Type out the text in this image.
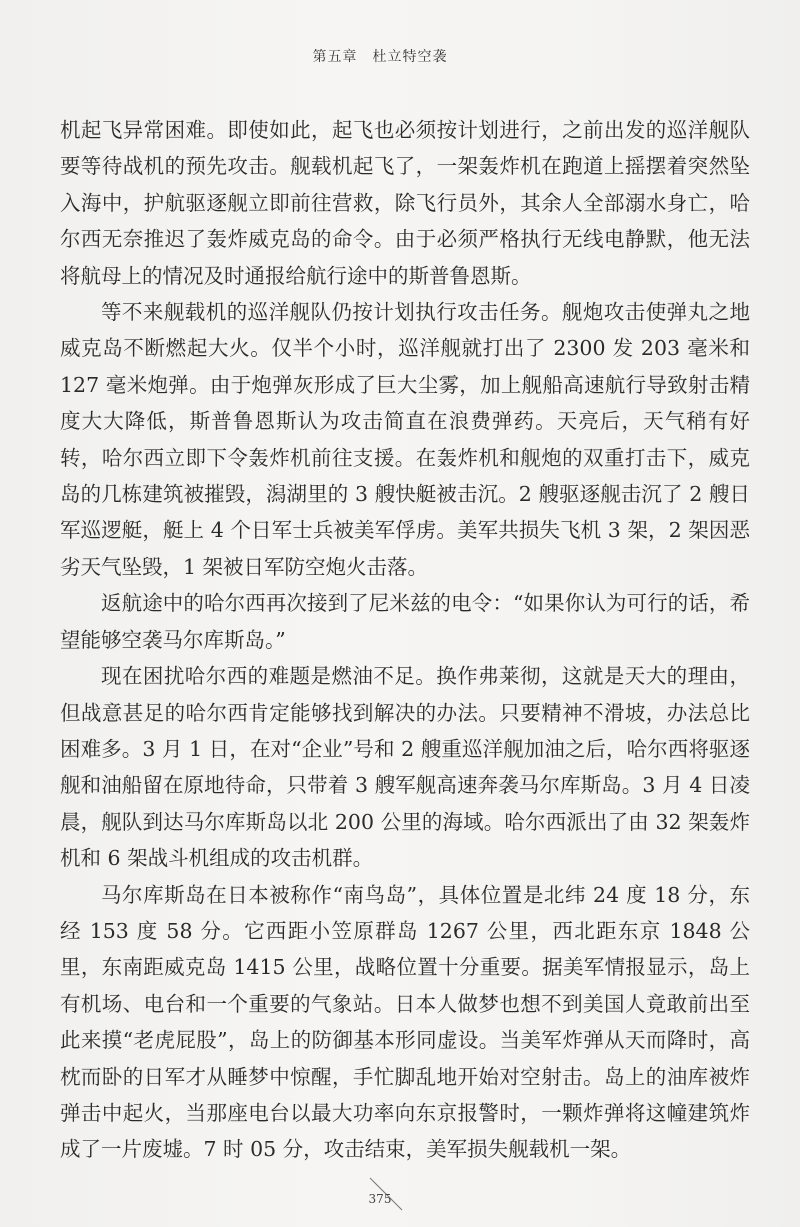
第五章　杜立特空袭

机起飞异常困难。即使如此，起飞也必须按计划进行，之前出发的巡洋舰队要等待战机的预先攻击。舰载机起飞了，一架轰炸机在跑道上摇摆着突然坠入海中，护航驱逐舰立即前往营救，除飞行员外，其余人全部溺水身亡，哈尔西无奈推迟了轰炸威克岛的命令。由于必须严格执行无线电静默，他无法将航母上的情况及时通报给航行途中的斯普鲁恩斯。

等不来舰载机的巡洋舰队仍按计划执行攻击任务。舰炮攻击使弹丸之地威克岛不断燃起大火。仅半个小时，巡洋舰就打出了 2300 发 203 毫米和 127 毫米炮弹。由于炮弹灰形成了巨大尘雾，加上舰船高速航行导致射击精度大大降低，斯普鲁恩斯认为攻击简直在浪费弹药。天亮后，天气稍有好转，哈尔西立即下令轰炸机前往支援。在轰炸机和舰炮的双重打击下，威克岛的几栋建筑被摧毁，潟湖里的 3 艘快艇被击沉。2 艘驱逐舰击沉了 2 艘日军巡逻艇，艇上 4 个日军士兵被美军俘虏。美军共损失飞机 3 架，2 架因恶劣天气坠毁，1 架被日军防空炮火击落。

返航途中的哈尔西再次接到了尼米兹的电令：“如果你认为可行的话，希望能够空袭马尔库斯岛。”

现在困扰哈尔西的难题是燃油不足。换作弗莱彻，这就是天大的理由，但战意甚足的哈尔西肯定能够找到解决的办法。只要精神不滑坡，办法总比困难多。3 月 1 日，在对“企业”号和 2 艘重巡洋舰加油之后，哈尔西将驱逐舰和油船留在原地待命，只带着 3 艘军舰高速奔袭马尔库斯岛。3 月 4 日凌晨，舰队到达马尔库斯岛以北 200 公里的海域。哈尔西派出了由 32 架轰炸机和 6 架战斗机组成的攻击机群。

马尔库斯岛在日本被称作“南鸟岛”，具体位置是北纬 24 度 18 分，东经 153 度 58 分。它西距小笠原群岛 1267 公里，西北距东京 1848 公里，东南距威克岛 1415 公里，战略位置十分重要。据美军情报显示，岛上有机场、电台和一个重要的气象站。日本人做梦也想不到美国人竟敢前出至此来摸“老虎屁股”，岛上的防御基本形同虚设。当美军炸弹从天而降时，高枕而卧的日军才从睡梦中惊醒，手忙脚乱地开始对空射击。岛上的油库被炸弹击中起火，当那座电台以最大功率向东京报警时，一颗炸弹将这幢建筑炸成了一片废墟。7 时 05 分，攻击结束，美军损失舰载机一架。

375
